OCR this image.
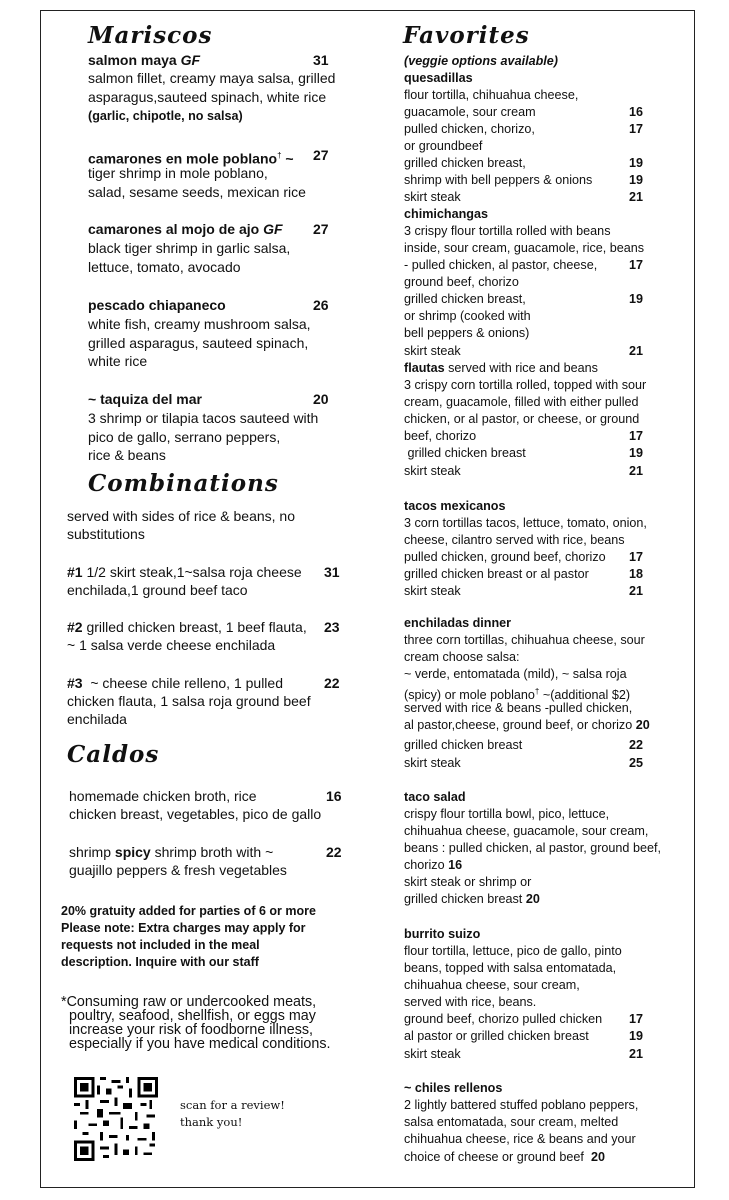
Mariscos
salmon maya GF	31
salmon fillet, creamy maya salsa, grilled
asparagus,sauteed spinach, white rice
(garlic, chipotle, no salsa)
camarones en mole poblano† ~ 27
tiger shrimp in mole poblano,
salad, sesame seeds, mexican rice
camarones al mojo de ajo GF 27
black tiger shrimp in garlic salsa,
lettuce, tomato, avocado
pescado chiapaneco	26
white fish, creamy mushroom salsa,
grilled asparagus, sauteed spinach,
white rice
~ taquiza del mar	20
3 shrimp or tilapia tacos sauteed with
pico de gallo, serrano peppers,
rice & beans
Combinations
served with sides of rice & beans, no
substitutions
#1 1/2 skirt steak,1~salsa roja cheese 31
enchilada,1 ground beef taco
#2 grilled chicken breast, 1 beef flauta, 23
~ 1 salsa verde cheese enchilada
#3  ~ cheese chile relleno, 1 pulled	22
chicken flauta, 1 salsa roja ground beef
enchilada
Caldos
homemade chicken broth, rice	16
chicken breast, vegetables, pico de gallo
shrimp spicy shrimp broth with ~	22
guajillo peppers & fresh vegetables
20% gratuity added for parties of 6 or more
Please note: Extra charges may apply for
requests not included in the meal
description. Inquire with our staff
*Consuming raw or undercooked meats,
poultry, seafood, shellfish, or eggs may
increase your risk of foodborne illness,
especially if you have medical conditions.
scan for a review!
thank you!
Favorites
(veggie options available)
quesadillas
flour tortilla, chihuahua cheese,
guacamole, sour cream	16
pulled chicken, chorizo,	17
or groundbeef
grilled chicken breast,	19
shrimp with bell peppers & onions	19
skirt steak	21
chimichangas
3 crispy flour tortilla rolled with beans
inside, sour cream, guacamole, rice, beans
- pulled chicken, al pastor, cheese,	17
ground beef, chorizo
grilled chicken breast,	19
or shrimp (cooked with
bell peppers & onions)
skirt steak	21
flautas served with rice and beans
3 crispy corn tortilla rolled, topped with sour
cream, guacamole, filled with either pulled
chicken, or al pastor, or cheese, or ground
beef, chorizo	17
grilled chicken breast	19
skirt steak	21
tacos mexicanos
3 corn tortillas tacos, lettuce, tomato, onion,
cheese, cilantro served with rice, beans
pulled chicken, ground beef, chorizo 17
grilled chicken breast or al pastor	18
skirt steak	21
enchiladas dinner
three corn tortillas, chihuahua cheese, sour
cream choose salsa:
~ verde, entomatada (mild), ~ salsa roja
(spicy) or mole poblano† ~(additional $2)
served with rice & beans -pulled chicken,
al pastor,cheese, ground beef, or chorizo 20
grilled chicken breast	22
skirt steak	25
taco salad
crispy flour tortilla bowl, pico, lettuce,
chihuahua cheese, guacamole, sour cream,
beans : pulled chicken, al pastor, ground beef,
chorizo 16
skirt steak or shrimp or
grilled chicken breast 20
burrito suizo
flour tortilla, lettuce, pico de gallo, pinto
beans, topped with salsa entomatada,
chihuahua cheese, sour cream,
served with rice, beans.
ground beef, chorizo pulled chicken 17
al pastor or grilled chicken breast	19
skirt steak	21
~ chiles rellenos
2 lightly battered stuffed poblano peppers,
salsa entomatada, sour cream, melted
chihuahua cheese, rice & beans and your
choice of cheese or ground beef 20
